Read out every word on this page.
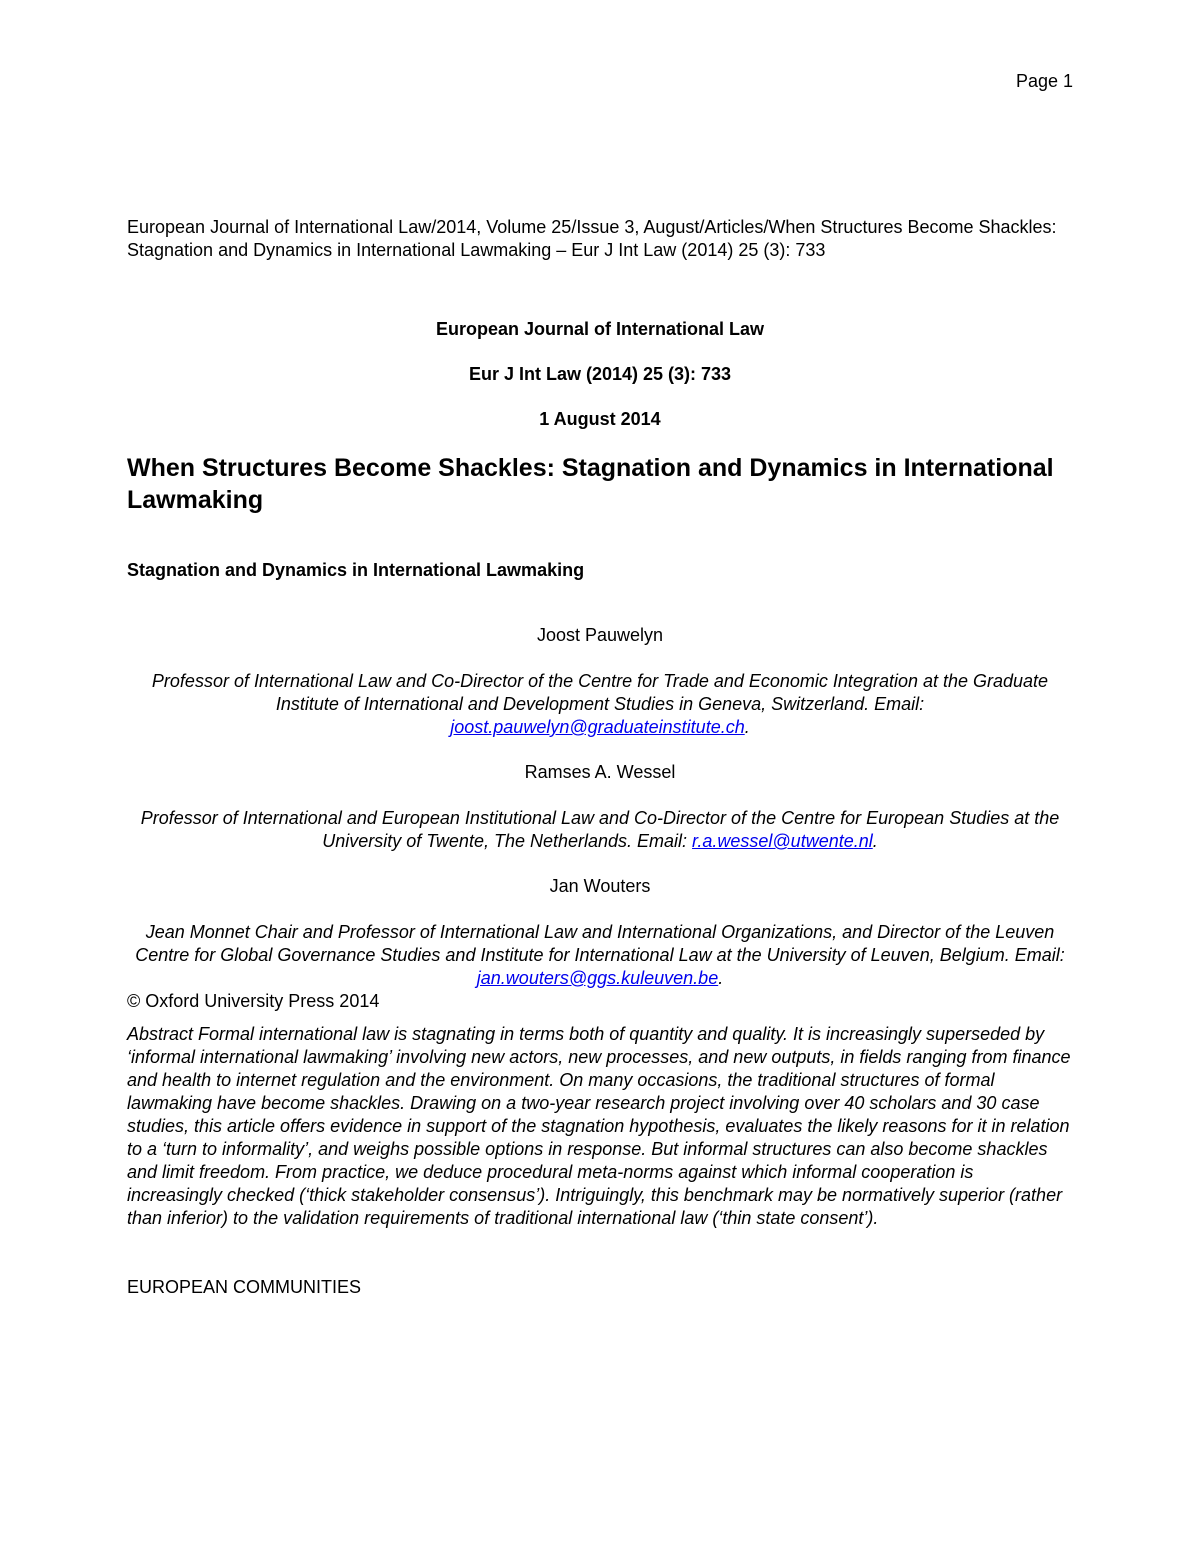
Page 1

European Journal of International Law/2014, Volume 25/Issue 3, August/Articles/When Structures Become Shackles: Stagnation and Dynamics in International Lawmaking – Eur J Int Law (2014) 25 (3): 733

European Journal of International Law

Eur J Int Law (2014) 25 (3): 733

1 August 2014

When Structures Become Shackles: Stagnation and Dynamics in International Lawmaking

Stagnation and Dynamics in International Lawmaking

Joost Pauwelyn

Professor of International Law and Co-Director of the Centre for Trade and Economic Integration at the Graduate Institute of International and Development Studies in Geneva, Switzerland. Email: joost.pauwelyn@graduateinstitute.ch.

Ramses A. Wessel

Professor of International and European Institutional Law and Co-Director of the Centre for European Studies at the University of Twente, The Netherlands. Email: r.a.wessel@utwente.nl.

Jan Wouters

Jean Monnet Chair and Professor of International Law and International Organizations, and Director of the Leuven Centre for Global Governance Studies and Institute for International Law at the University of Leuven, Belgium. Email: jan.wouters@ggs.kuleuven.be.

© Oxford University Press 2014

Abstract Formal international law is stagnating in terms both of quantity and quality. It is increasingly superseded by ‘informal international lawmaking’ involving new actors, new processes, and new outputs, in fields ranging from finance and health to internet regulation and the environment. On many occasions, the traditional structures of formal lawmaking have become shackles. Drawing on a two-year research project involving over 40 scholars and 30 case studies, this article offers evidence in support of the stagnation hypothesis, evaluates the likely reasons for it in relation to a ‘turn to informality’, and weighs possible options in response. But informal structures can also become shackles and limit freedom. From practice, we deduce procedural meta-norms against which informal cooperation is increasingly checked (‘thick stakeholder consensus’). Intriguingly, this benchmark may be normatively superior (rather than inferior) to the validation requirements of traditional international law (‘thin state consent’).

EUROPEAN COMMUNITIES
